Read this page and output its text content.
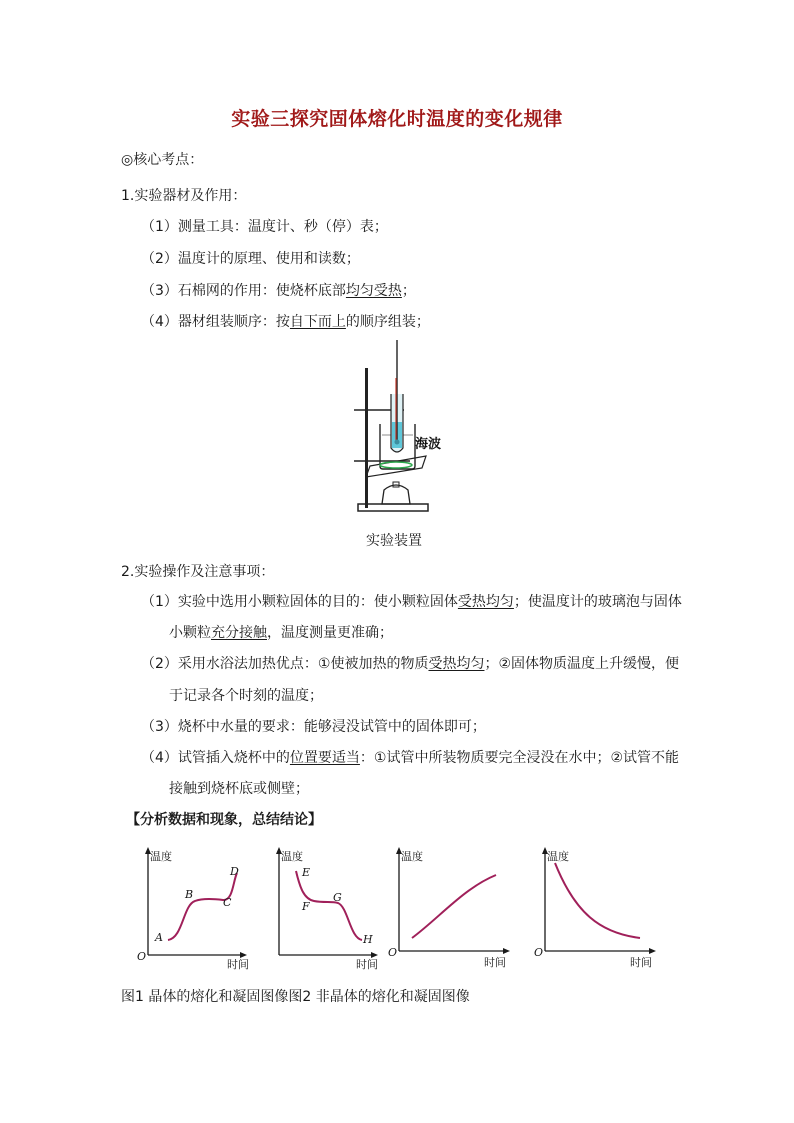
实验三探究固体熔化时温度的变化规律
◎核心考点：
1.实验器材及作用：
（1）测量工具：温度计、秒（停）表；
（2）温度计的原理、使用和读数；
（3）石棉网的作用：使烧杯底部均匀受热；
（4）器材组装顺序：按自下而上的顺序组装；
海波
实验装置
2.实验操作及注意事项：
（1）实验中选用小颗粒固体的目的：使小颗粒固体受热均匀；使温度计的玻璃泡与固体
小颗粒充分接触，温度测量更准确；
（2）采用水浴法加热优点：①使被加热的物质受热均匀；②固体物质温度上升缓慢，便
于记录各个时刻的温度；
（3）烧杯中水量的要求：能够浸没试管中的固体即可；
（4）试管插入烧杯中的位置要适当：①试管中所装物质要完全浸没在水中；②试管不能
接触到烧杯底或侧壁；
【分析数据和现象，总结结论】
温度
时间
O
A
B
C
D
温度
时间
E
F
G
H
温度
时间
O
温度
时间
O
图1 晶体的熔化和凝固图像图2 非晶体的熔化和凝固图像
